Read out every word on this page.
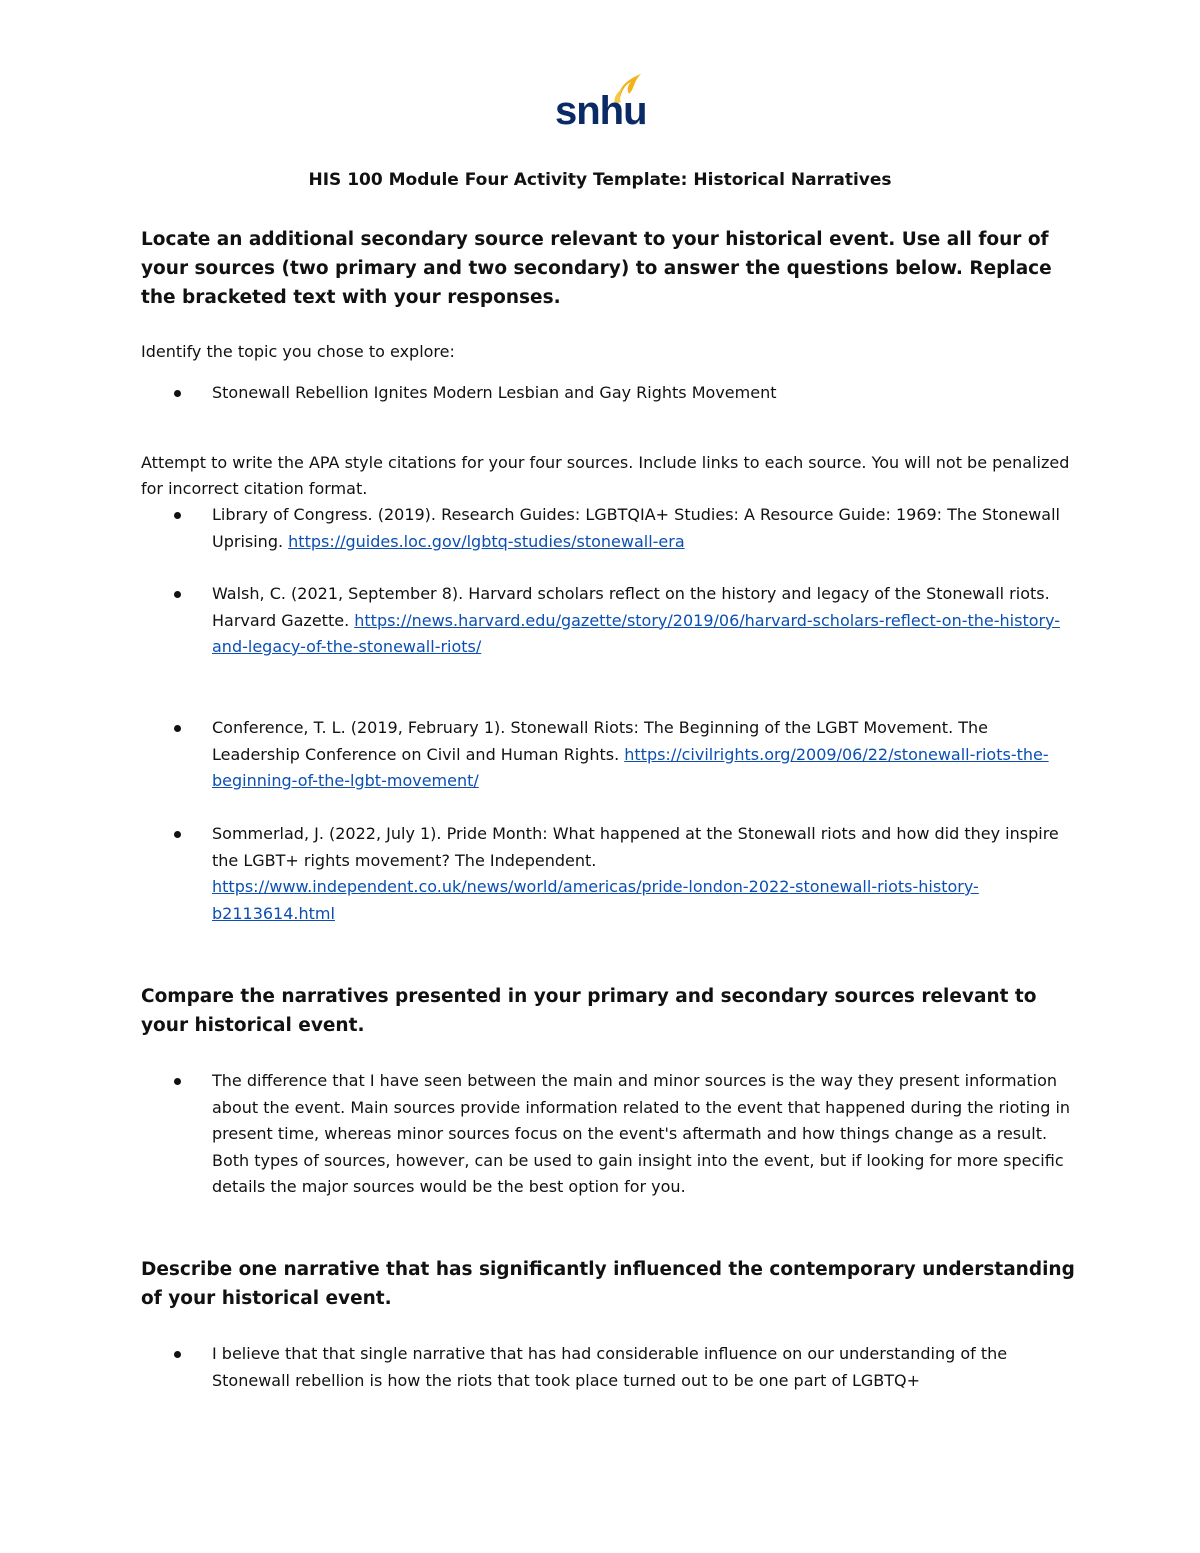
snhu
HIS 100 Module Four Activity Template: Historical Narratives
Locate an additional secondary source relevant to your historical event. Use all four of your sources (two primary and two secondary) to answer the questions below. Replace the bracketed text with your responses.
Identify the topic you chose to explore:
Stonewall Rebellion Ignites Modern Lesbian and Gay Rights Movement
Attempt to write the APA style citations for your four sources. Include links to each source. You will not be penalized for incorrect citation format.
Library of Congress. (2019). Research Guides: LGBTQIA+ Studies: A Resource Guide: 1969: The Stonewall Uprising. https://guides.loc.gov/lgbtq-studies/stonewall-era
Walsh, C. (2021, September 8). Harvard scholars reflect on the history and legacy of the Stonewall riots. Harvard Gazette. https://news.harvard.edu/gazette/story/2019/06/harvard-scholars-reflect-on-the-history-and-legacy-of-the-stonewall-riots/
Conference, T. L. (2019, February 1). Stonewall Riots: The Beginning of the LGBT Movement. The Leadership Conference on Civil and Human Rights. https://civilrights.org/2009/06/22/stonewall-riots-the-beginning-of-the-lgbt-movement/
Sommerlad, J. (2022, July 1). Pride Month: What happened at the Stonewall riots and how did they inspire the LGBT+ rights movement? The Independent. https://www.independent.co.uk/news/world/americas/pride-london-2022-stonewall-riots-history-b2113614.html
Compare the narratives presented in your primary and secondary sources relevant to your historical event.
The difference that I have seen between the main and minor sources is the way they present information about the event. Main sources provide information related to the event that happened during the rioting in present time, whereas minor sources focus on the event's aftermath and how things change as a result. Both types of sources, however, can be used to gain insight into the event, but if looking for more specific details the major sources would be the best option for you.
Describe one narrative that has significantly influenced the contemporary understanding of your historical event.
I believe that that single narrative that has had considerable influence on our understanding of the Stonewall rebellion is how the riots that took place turned out to be one part of LGBTQ+
